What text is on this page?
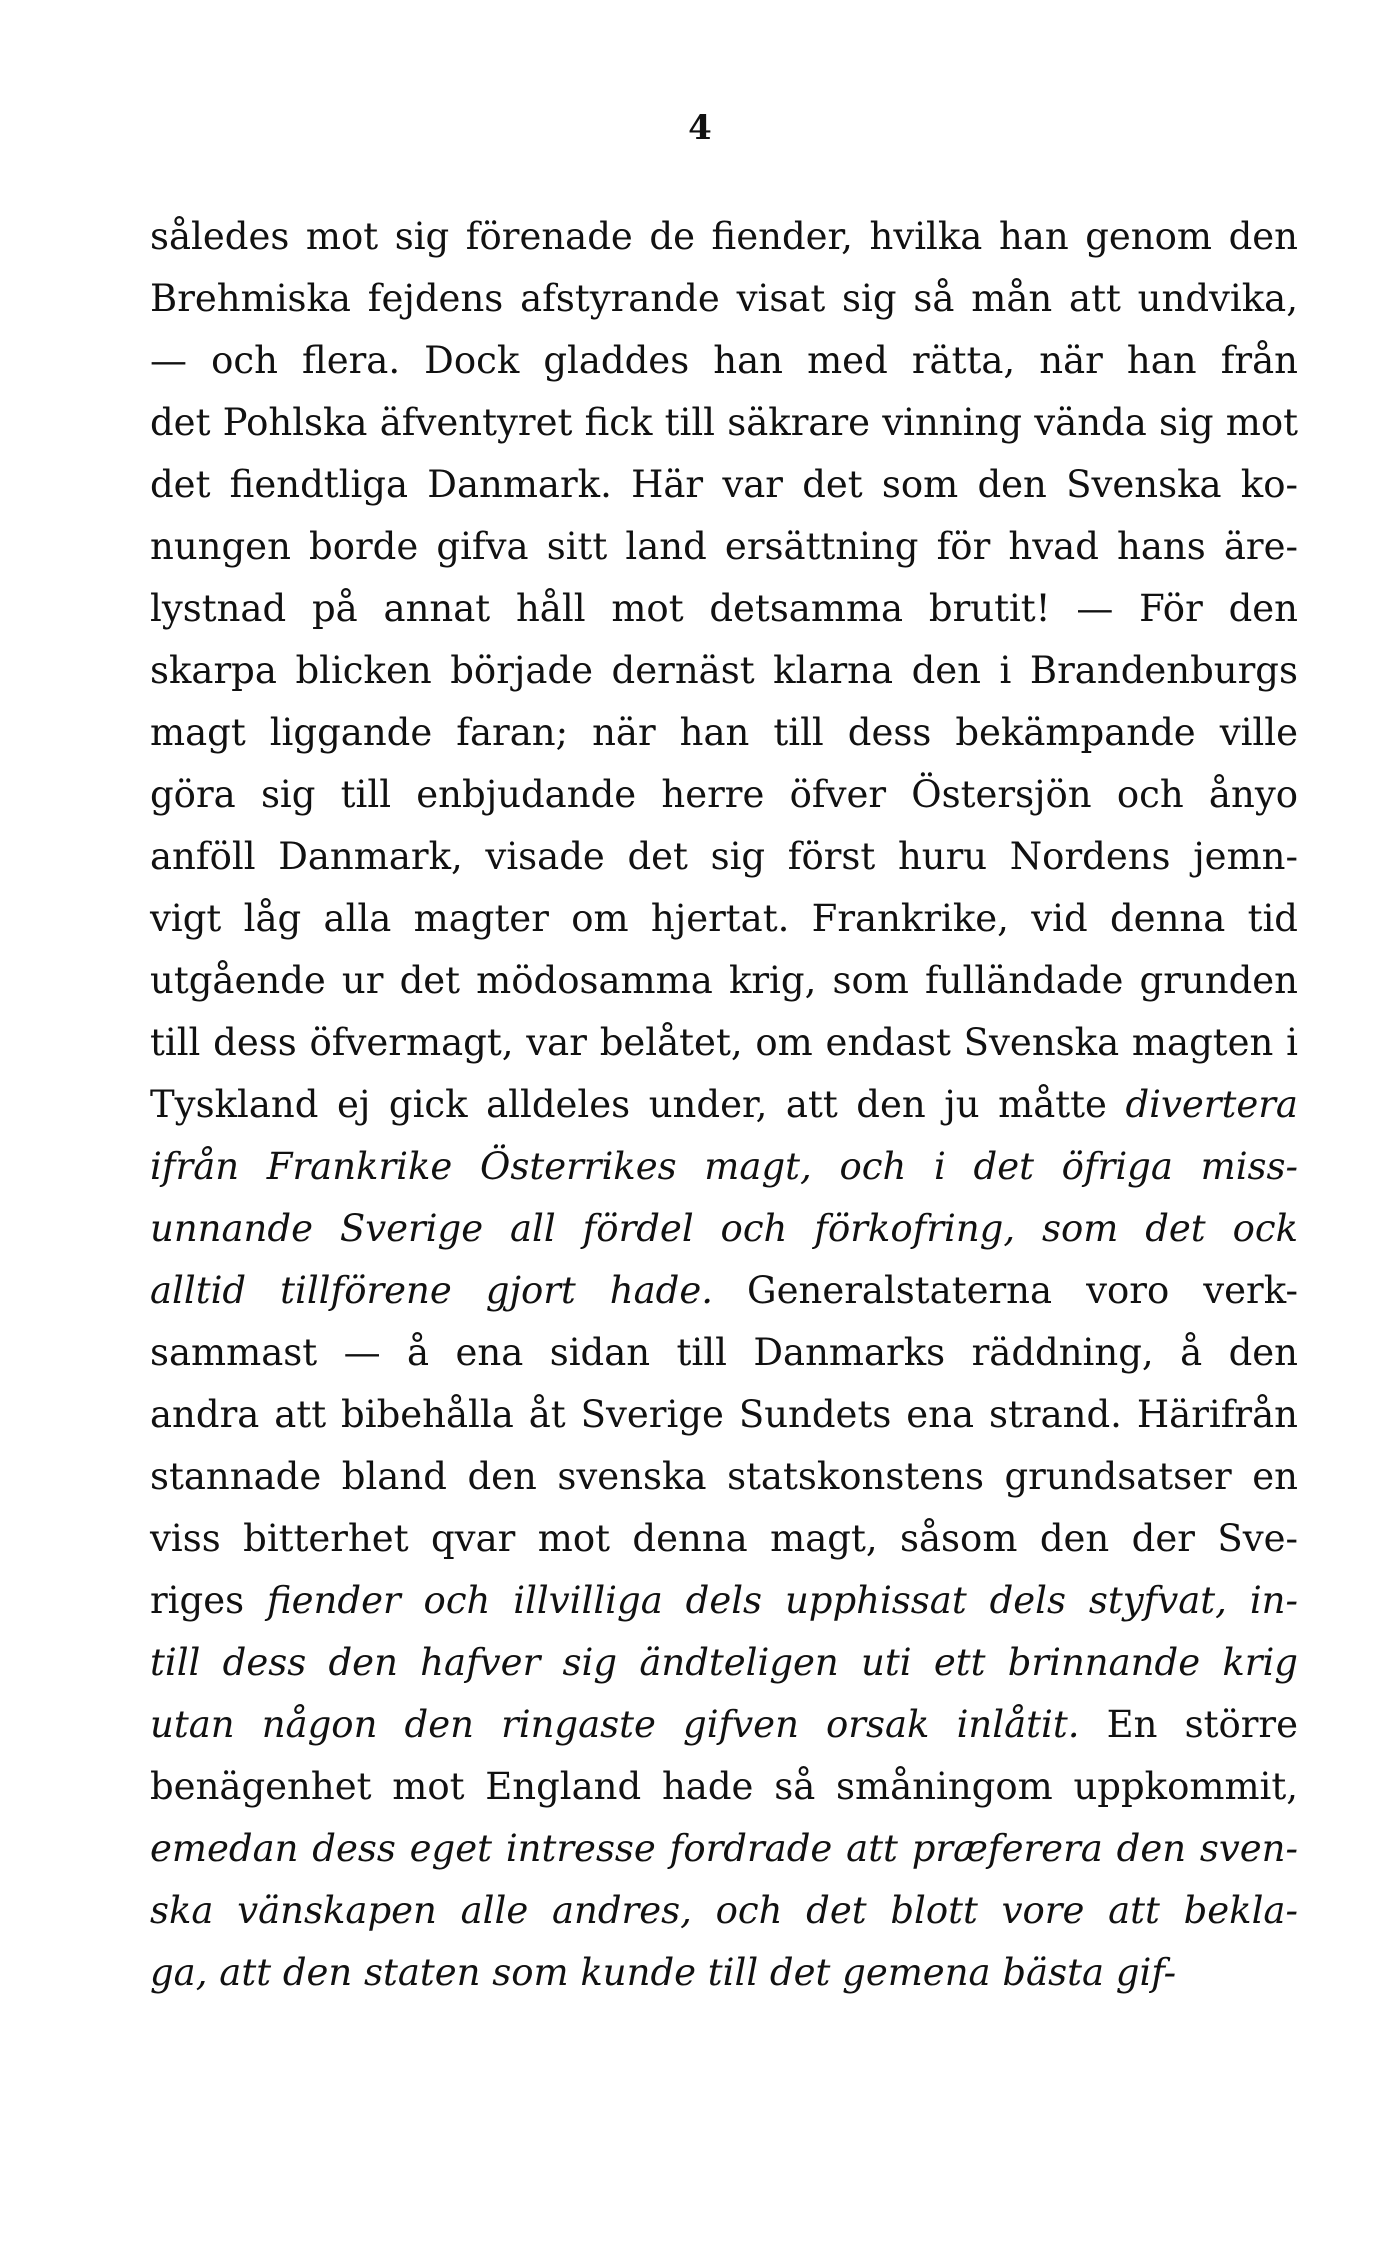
4
således mot sig förenade de fiender, hvilka han genom den
Brehmiska fejdens afstyrande visat sig så mån att undvika,
— och flera. Dock gladdes han med rätta, när han från
det Pohlska äfventyret fick till säkrare vinning vända sig mot
det fiendtliga Danmark. Här var det som den Svenska ko-
nungen borde gifva sitt land ersättning för hvad hans äre-
lystnad på annat håll mot detsamma brutit! — För den
skarpa blicken började dernäst klarna den i Brandenburgs
magt liggande faran; när han till dess bekämpande ville
göra sig till enbjudande herre öfver Östersjön och ånyo
anföll Danmark, visade det sig först huru Nordens jemn-
vigt låg alla magter om hjertat. Frankrike, vid denna tid
utgående ur det mödosamma krig, som fulländade grunden
till dess öfvermagt, var belåtet, om endast Svenska magten i
Tyskland ej gick alldeles under, att den ju måtte divertera
ifrån Frankrike Österrikes magt, och i det öfriga miss-
unnande Sverige all fördel och förkofring, som det ock
alltid tillförene gjort hade. Generalstaterna voro verk-
sammast — å ena sidan till Danmarks räddning, å den
andra att bibehålla åt Sverige Sundets ena strand. Härifrån
stannade bland den svenska statskonstens grundsatser en
viss bitterhet qvar mot denna magt, såsom den der Sve-
riges fiender och illvilliga dels upphissat dels styfvat, in-
till dess den hafver sig ändteligen uti ett brinnande krig
utan någon den ringaste gifven orsak inlåtit. En större
benägenhet mot England hade så småningom uppkommit,
emedan dess eget intresse fordrade att præferera den sven-
ska vänskapen alle andres, och det blott vore att bekla-
ga, att den staten som kunde till det gemena bästa gif-
